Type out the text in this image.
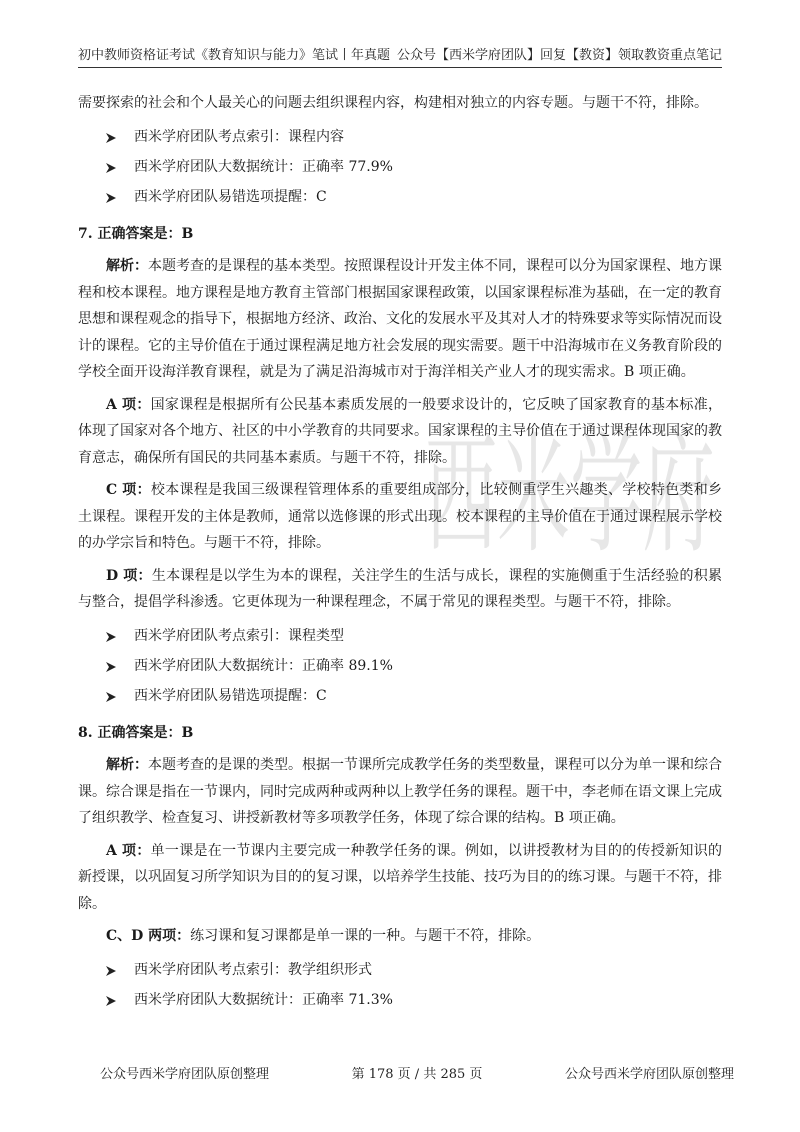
初中教师资格证考试《教育知识与能力》笔试丨年真题 公众号【西米学府团队】回复【教资】领取教资重点笔记
西米学府

需要探索的社会和个人最关心的问题去组织课程内容，构建相对独立的内容专题。与题干不符，排除。

西米学府团队考点索引：课程内容
西米学府团队大数据统计：正确率 77.9%
西米学府团队易错选项提醒：C
7. 正确答案是：B

解析：本题考查的是课程的基本类型。按照课程设计开发主体不同，课程可以分为国家课程、地方课程和校本课程。地方课程是地方教育主管部门根据国家课程政策，以国家课程标准为基础，在一定的教育思想和课程观念的指导下，根据地方经济、政治、文化的发展水平及其对人才的特殊要求等实际情况而设计的课程。它的主导价值在于通过课程满足地方社会发展的现实需要。题干中沿海城市在义务教育阶段的学校全面开设海洋教育课程，就是为了满足沿海城市对于海洋相关产业人才的现实需求。B 项正确。

A 项：国家课程是根据所有公民基本素质发展的一般要求设计的，它反映了国家教育的基本标准，体现了国家对各个地方、社区的中小学教育的共同要求。国家课程的主导价值在于通过课程体现国家的教育意志，确保所有国民的共同基本素质。与题干不符，排除。

C 项：校本课程是我国三级课程管理体系的重要组成部分，比较侧重学生兴趣类、学校特色类和乡土课程。课程开发的主体是教师，通常以选修课的形式出现。校本课程的主导价值在于通过课程展示学校的办学宗旨和特色。与题干不符，排除。

D 项：生本课程是以学生为本的课程，关注学生的生活与成长，课程的实施侧重于生活经验的积累与整合，提倡学科渗透。它更体现为一种课程理念，不属于常见的课程类型。与题干不符，排除。

西米学府团队考点索引：课程类型
西米学府团队大数据统计：正确率 89.1%
西米学府团队易错选项提醒：C
8. 正确答案是：B

解析：本题考查的是课的类型。根据一节课所完成教学任务的类型数量，课程可以分为单一课和综合课。综合课是指在一节课内，同时完成两种或两种以上教学任务的课程。题干中，李老师在语文课上完成了组织教学、检查复习、讲授新教材等多项教学任务，体现了综合课的结构。B 项正确。

A 项：单一课是在一节课内主要完成一种教学任务的课。例如，以讲授教材为目的的传授新知识的新授课，以巩固复习所学知识为目的的复习课，以培养学生技能、技巧为目的的练习课。与题干不符，排除。

C、D 两项：练习课和复习课都是单一课的一种。与题干不符，排除。

西米学府团队考点索引：教学组织形式
西米学府团队大数据统计：正确率 71.3%
公众号西米学府团队原创整理	第 178 页 / 共 285 页	公众号西米学府团队原创整理
